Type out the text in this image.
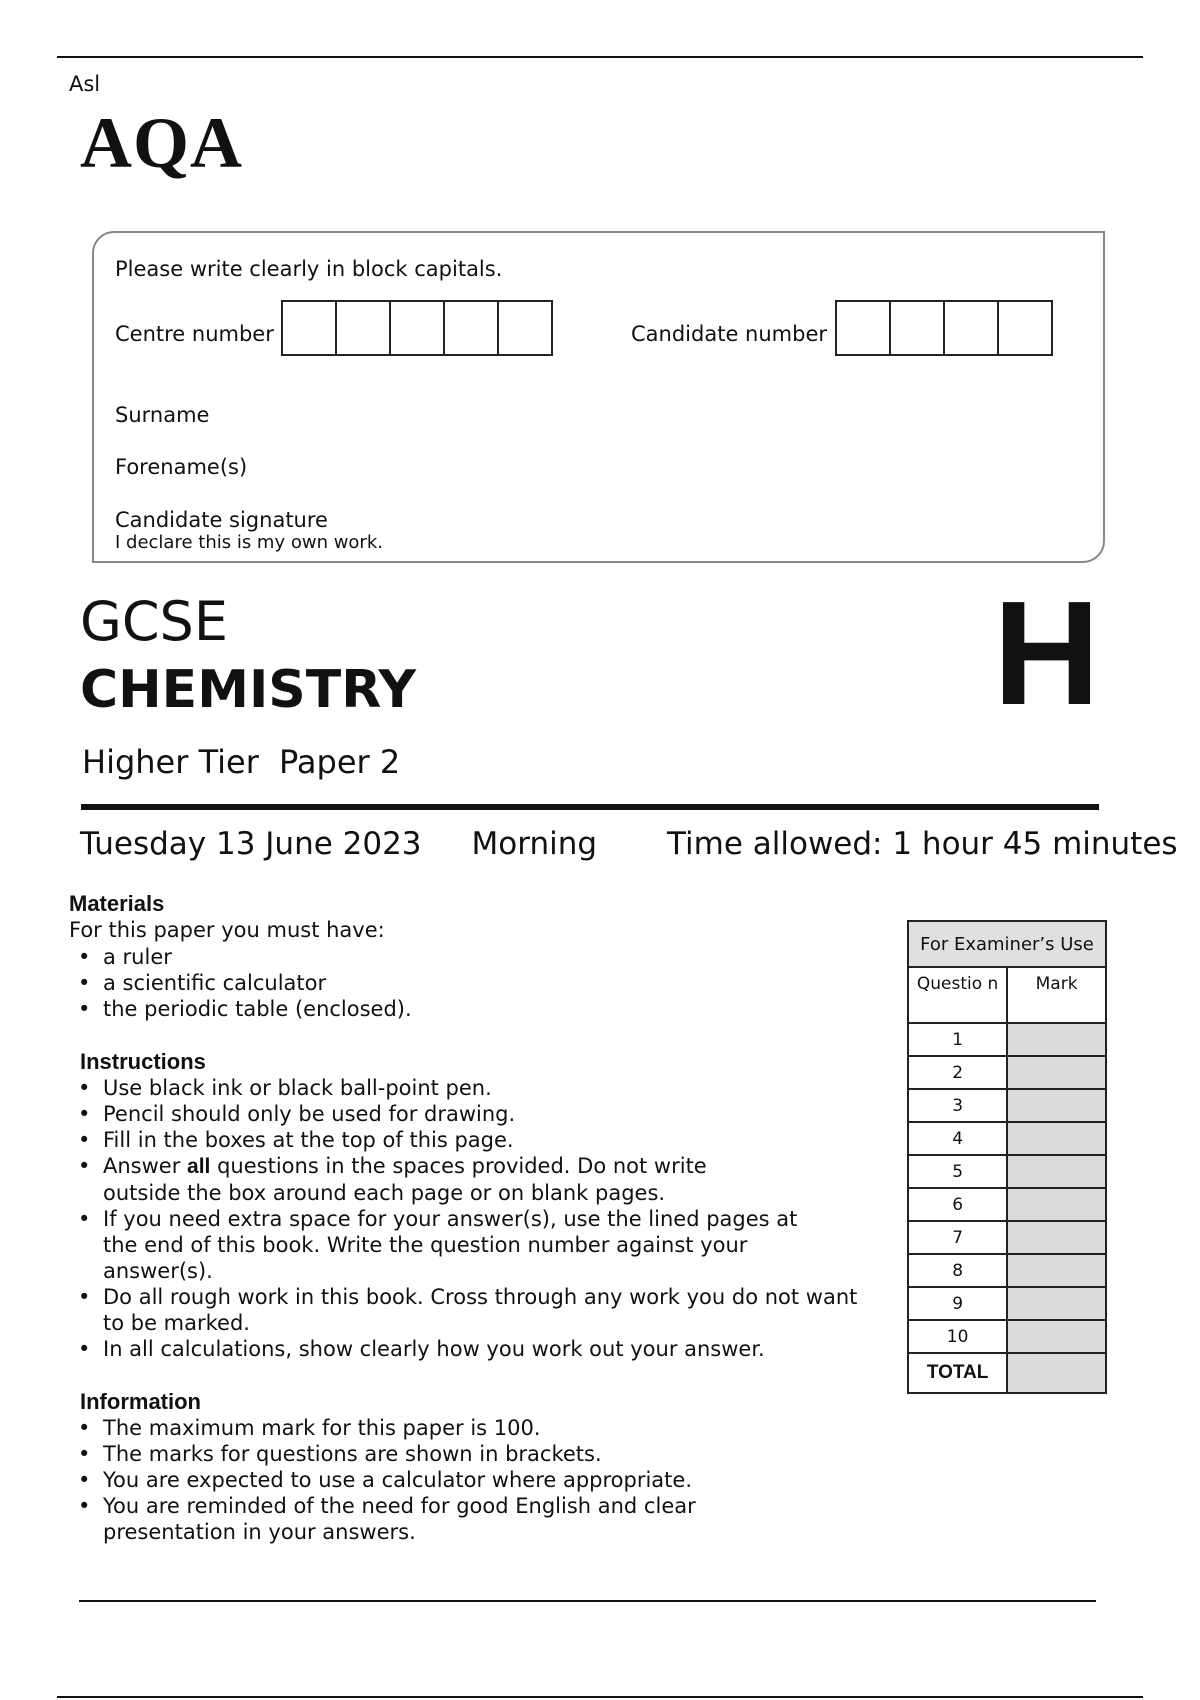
Asl
AQA
Please write clearly in block capitals.
Centre number	Candidate number
Surname
Forename(s)
Candidate signature
I declare this is my own work.
GCSE
CHEMISTRY
Higher Tier Paper 2
H
Tuesday 13 June 2023 Morning Time allowed: 1 hour 45 minutes
Materials
For this paper you must have:
• a ruler
• a scientific calculator
• the periodic table (enclosed).
Instructions
• Use black ink or black ball-point pen.
• Pencil should only be used for drawing.
• Fill in the boxes at the top of this page.
• Answer all questions in the spaces provided. Do not write
outside the box around each page or on blank pages.
• If you need extra space for your answer(s), use the lined pages at
the end of this book. Write the question number against your
answer(s).
• Do all rough work in this book. Cross through any work you do not want
to be marked.
• In all calculations, show clearly how you work out your answer.
Information
• The maximum mark for this paper is 100.
• The marks for questions are shown in brackets.
• You are expected to use a calculator where appropriate.
• You are reminded of the need for good English and clear
presentation in your answers.
For Examiner’s Use	
Questio n	Mark
1	
2	
3	
4	
5	
6	
7	
8	
9	
10	
TOTAL	
